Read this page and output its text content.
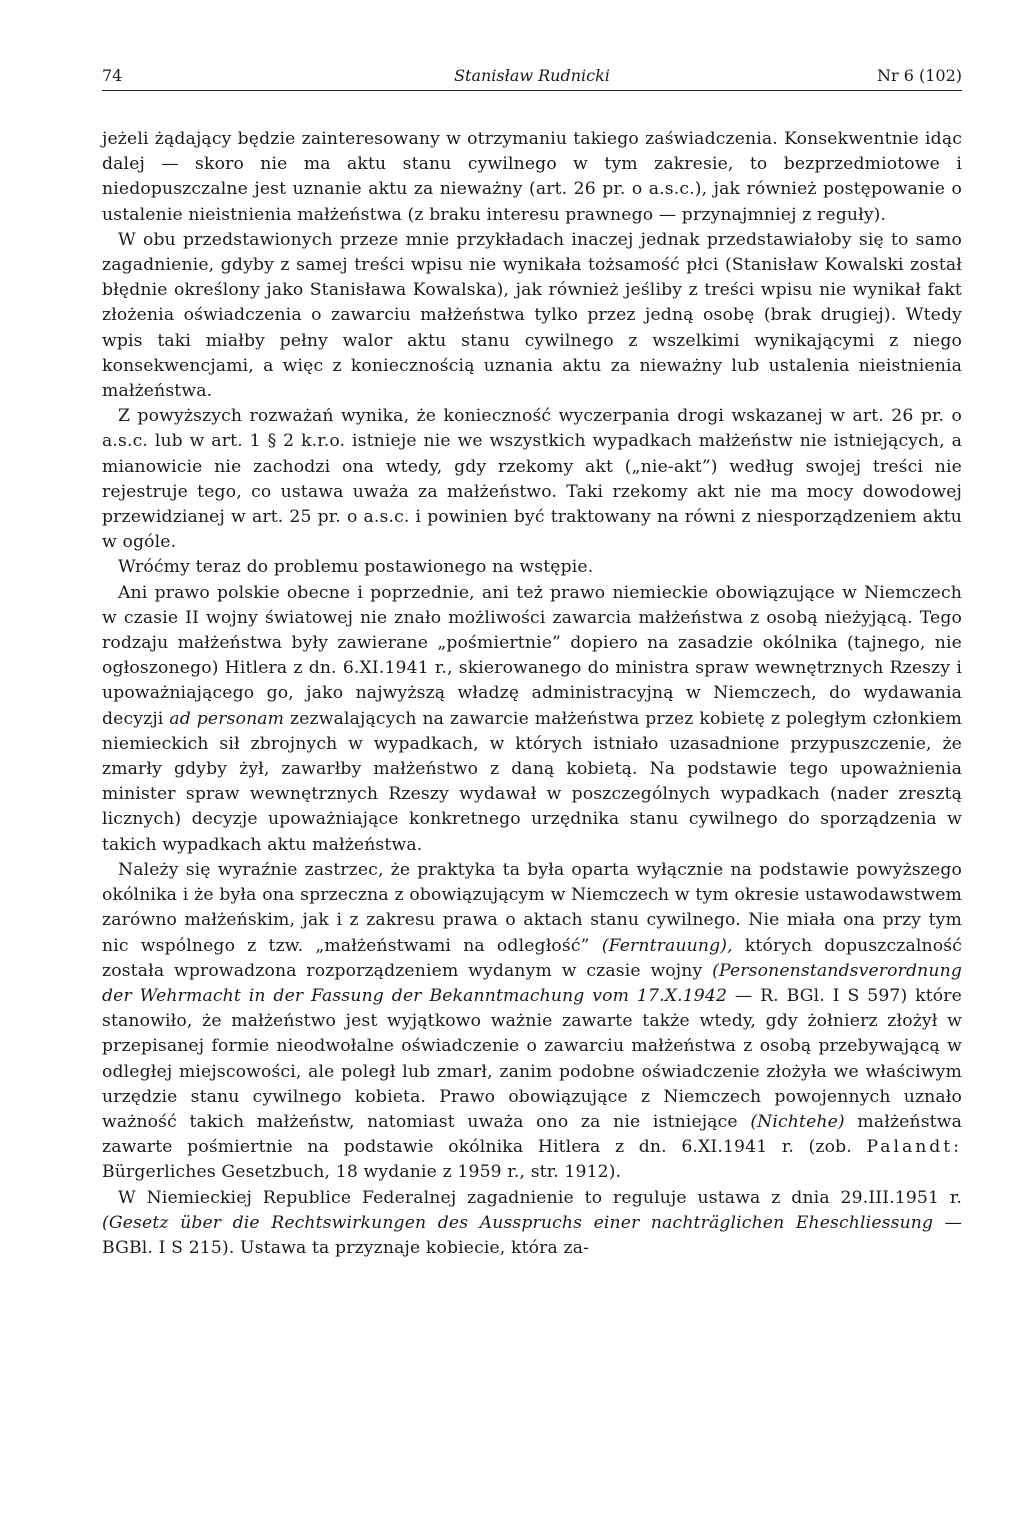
74	Stanisław Rudnicki	Nr 6 (102)

jeżeli żądający będzie zainteresowany w otrzymaniu takiego zaświadczenia. Konsekwentnie idąc dalej — skoro nie ma aktu stanu cywilnego w tym zakresie, to bezprzedmiotowe i niedopuszczalne jest uznanie aktu za nieważny (art. 26 pr. o a.s.c.), jak również postępowanie o ustalenie nieistnienia małżeństwa (z braku interesu prawnego — przynajmniej z reguły).

W obu przedstawionych przeze mnie przykładach inaczej jednak przedstawiałoby się to samo zagadnienie, gdyby z samej treści wpisu nie wynikała tożsamość płci (Stanisław Kowalski został błędnie określony jako Stanisława Kowalska), jak również jeśliby z treści wpisu nie wynikał fakt złożenia oświadczenia o zawarciu małżeństwa tylko przez jedną osobę (brak drugiej). Wtedy wpis taki miałby pełny walor aktu stanu cywilnego z wszelkimi wynikającymi z niego konsekwencjami, a więc z koniecznością uznania aktu za nieważny lub ustalenia nieistnienia małżeństwa.

Z powyższych rozważań wynika, że konieczność wyczerpania drogi wskazanej w art. 26 pr. o a.s.c. lub w art. 1 § 2 k.r.o. istnieje nie we wszystkich wypadkach małżeństw nie istniejących, a mianowicie nie zachodzi ona wtedy, gdy rzekomy akt („nie-akt”) według swojej treści nie rejestruje tego, co ustawa uważa za małżeństwo. Taki rzekomy akt nie ma mocy dowodowej przewidzianej w art. 25 pr. o a.s.c. i powinien być traktowany na równi z niesporządzeniem aktu w ogóle.

Wróćmy teraz do problemu postawionego na wstępie.

Ani prawo polskie obecne i poprzednie, ani też prawo niemieckie obowiązujące w Niemczech w czasie II wojny światowej nie znało możliwości zawarcia małżeństwa z osobą nieżyjącą. Tego rodzaju małżeństwa były zawierane „pośmiertnie” dopiero na zasadzie okólnika (tajnego, nie ogłoszonego) Hitlera z dn. 6.XI.1941 r., skierowanego do ministra spraw wewnętrznych Rzeszy i upoważniającego go, jako najwyższą władzę administracyjną w Niemczech, do wydawania decyzji ad personam zezwalających na zawarcie małżeństwa przez kobietę z poległym członkiem niemieckich sił zbrojnych w wypadkach, w których istniało uzasadnione przypuszczenie, że zmarły gdyby żył, zawarłby małżeństwo z daną kobietą. Na podstawie tego upoważnienia minister spraw wewnętrznych Rzeszy wydawał w poszczególnych wypadkach (nader zresztą licznych) decyzje upoważniające konkretnego urzędnika stanu cywilnego do sporządzenia w takich wypadkach aktu małżeństwa.

Należy się wyraźnie zastrzec, że praktyka ta była oparta wyłącznie na podstawie powyższego okólnika i że była ona sprzeczna z obowiązującym w Niemczech w tym okresie ustawodawstwem zarówno małżeńskim, jak i z zakresu prawa o aktach stanu cywilnego. Nie miała ona przy tym nic wspólnego z tzw. „małżeństwami na odległość” (Ferntrauung), których dopuszczalność została wprowadzona rozporządzeniem wydanym w czasie wojny (Personenstandsverordnung der Wehrmacht in der Fassung der Bekanntmachung vom 17.X.1942 — R. BGl. I S 597) które stanowiło, że małżeństwo jest wyjątkowo ważnie zawarte także wtedy, gdy żołnierz złożył w przepisanej formie nieodwołalne oświadczenie o zawarciu małżeństwa z osobą przebywającą w odległej miejscowości, ale poległ lub zmarł, zanim podobne oświadczenie złożyła we właściwym urzędzie stanu cywilnego kobieta. Prawo obowiązujące z Niemczech powojennych uznało ważność takich małżeństw, natomiast uważa ono za nie istniejące (Nichtehe) małżeństwa zawarte pośmiertnie na podstawie okólnika Hitlera z dn. 6.XI.1941 r. (zob. Palandt: Bürgerliches Gesetzbuch, 18 wydanie z 1959 r., str. 1912).

W Niemieckiej Republice Federalnej zagadnienie to reguluje ustawa z dnia 29.III.1951 r. (Gesetz über die Rechtswirkungen des Ausspruchs einer nachträglichen Eheschliessung — BGBl. I S 215). Ustawa ta przyznaje kobiecie, która za-
